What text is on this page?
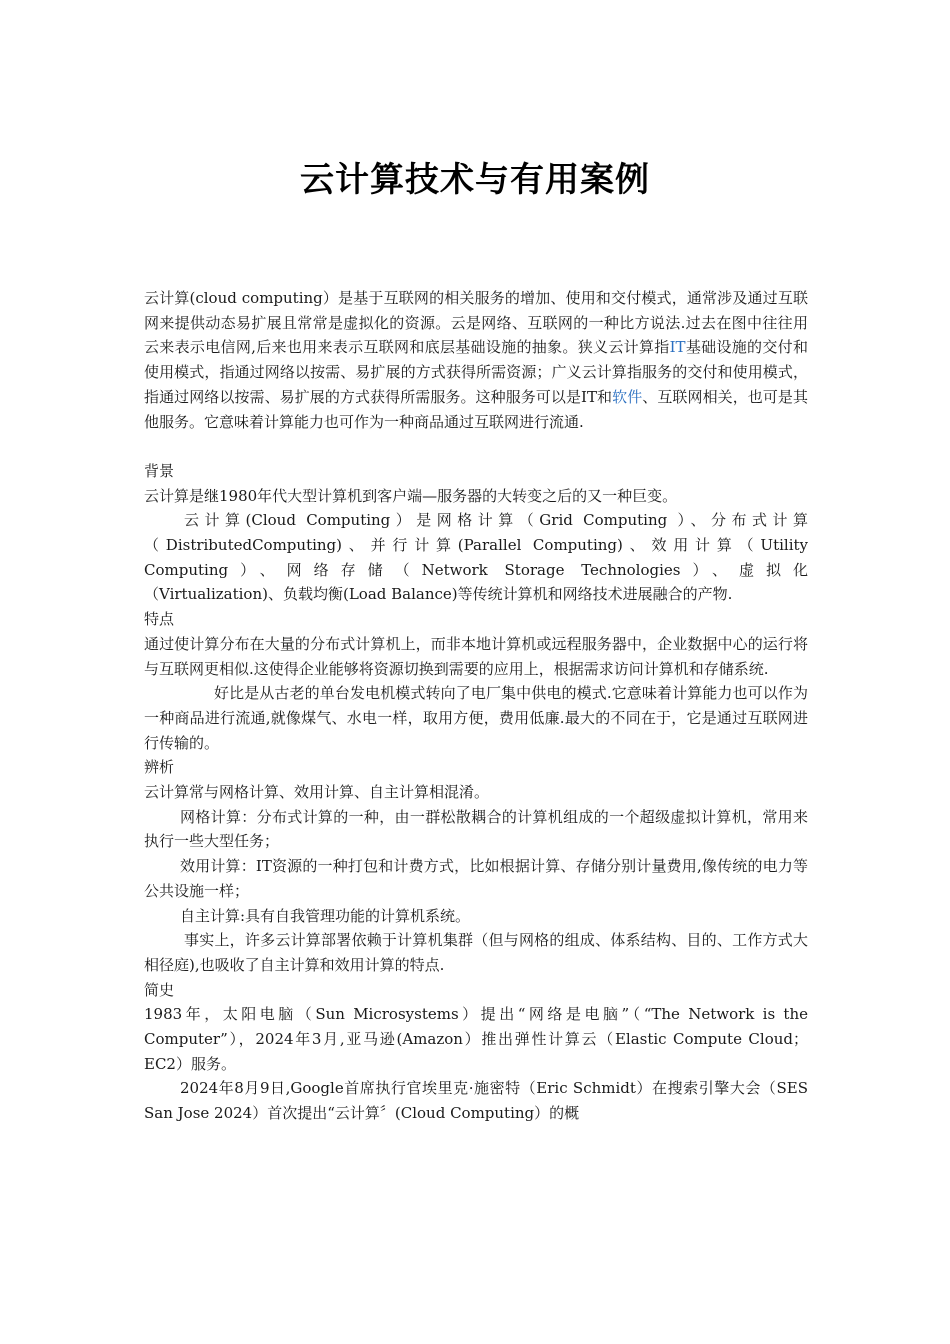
云计算技术与有用案例

云计算(cloud computing）是基于互联网的相关服务的增加、使用和交付模式，通常涉及通过互联网来提供动态易扩展且常常是虚拟化的资源。云是网络、互联网的一种比方说法.过去在图中往往用云来表示电信网,后来也用来表示互联网和底层基础设施的抽象。狭义云计算指IT基础设施的交付和使用模式，指通过网络以按需、易扩展的方式获得所需资源；广义云计算指服务的交付和使用模式，指通过网络以按需、易扩展的方式获得所需服务。这种服务可以是IT和软件、互联网相关，也可是其他服务。它意味着计算能力也可作为一种商品通过互联网进行流通.

背景

云计算是继1980年代大型计算机到客户端—服务器的大转变之后的又一种巨变。

云计算(Cloud Computing）是网格计算（Grid Computing ）、分布式计算（DistributedComputing)、并行计算(Parallel Computing)、效用计算（Utility

Computing）、网络存储（Network Storage Technologies）、虚拟化

（Virtualization)、负载均衡(Load Balance)等传统计算机和网络技术进展融合的产物.

特点

通过使计算分布在大量的分布式计算机上，而非本地计算机或远程服务器中，企业数据中心的运行将与互联网更相似.这使得企业能够将资源切换到需要的应用上，根据需求访问计算机和存储系统.

好比是从古老的单台发电机模式转向了电厂集中供电的模式.它意味着计算能力也可以作为一种商品进行流通,就像煤气、水电一样，取用方便，费用低廉.最大的不同在于，它是通过互联网进行传输的。

辨析

云计算常与网格计算、效用计算、自主计算相混淆。

网格计算：分布式计算的一种，由一群松散耦合的计算机组成的一个超级虚拟计算机，常用来执行一些大型任务；

效用计算：IT资源的一种打包和计费方式，比如根据计算、存储分别计量费用,像传统的电力等公共设施一样；

自主计算:具有自我管理功能的计算机系统。

事实上，许多云计算部署依赖于计算机集群（但与网格的组成、体系结构、目的、工作方式大相径庭),也吸收了自主计算和效用计算的特点.

简史

1983年，太阳电脑（Sun Microsystems）提出“网络是电脑”（“The Network is the Computer”），2024年3月,亚马逊(Amazon）推出弹性计算云（Elastic Compute Cloud；EC2）服务。

2024年8月9日,Google首席执行官埃里克·施密特（Eric Schmidt）在搜索引擎大会（SES San Jose 2024）首次提出“云计算〞(Cloud Computing）的概
